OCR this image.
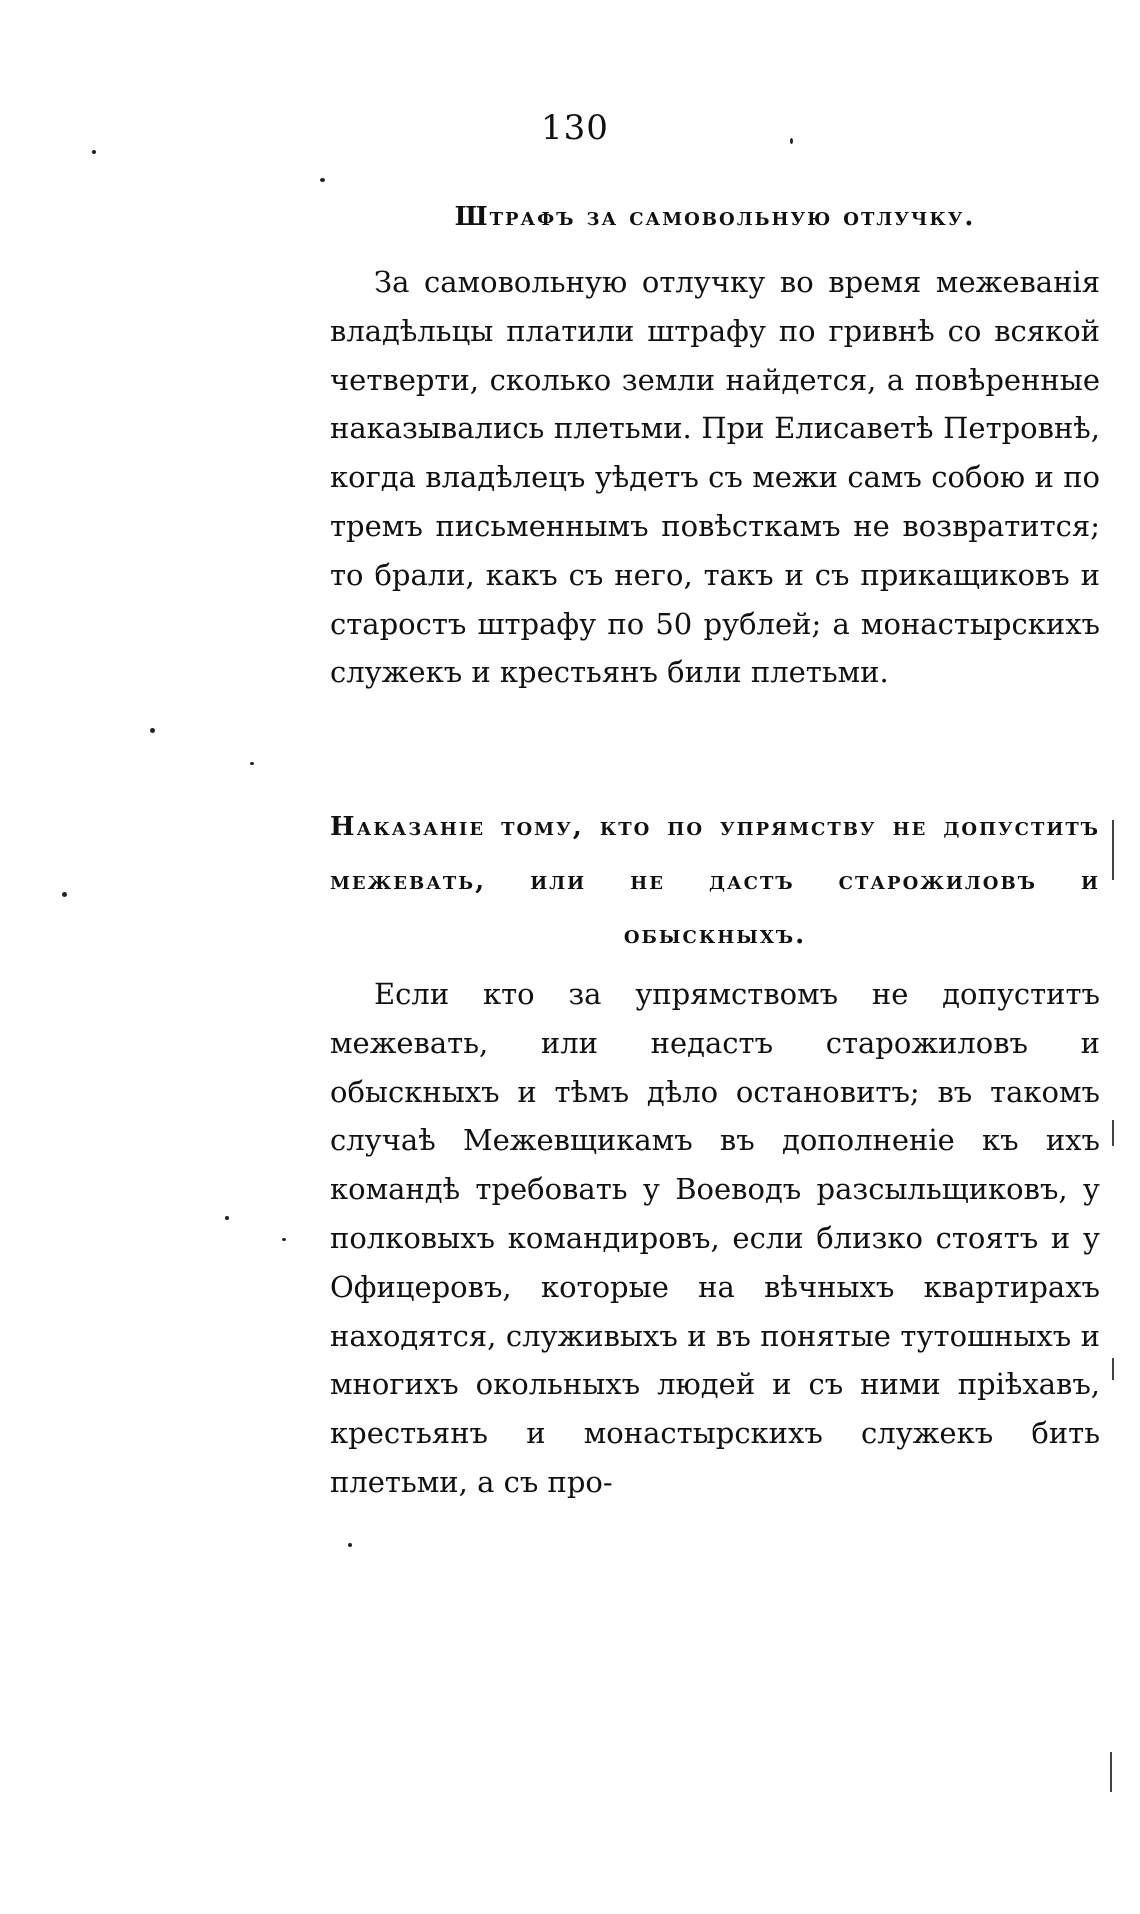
130
Штрафъ за самовольную отлучку.
За самовольную отлучку во время межеванія владѣльцы платили штрафу по гривнѣ со всякой четверти, сколько земли найдется, а повѣренные наказывались плетьми. При Елисаветѣ Петровнѣ, когда владѣлецъ уѣдетъ съ межи самъ собою и по тремъ письменнымъ повѣсткамъ не возвратится; то брали, какъ съ него, такъ и съ прикащиковъ и старостъ штрафу по 50 рублей; а монастырскихъ служекъ и крестьянъ били плетьми.
Наказаніе тому, кто по упрямству не допуститъ межевать, или не дастъ старожиловъ и обыскныхъ.
Если кто за упрямствомъ не допуститъ межевать, или недастъ старожиловъ и обыскныхъ и тѣмъ дѣло остановитъ; въ такомъ случаѣ Межевщикамъ въ дополненіе къ ихъ командѣ требовать у Воеводъ разсыльщиковъ, у полковыхъ командировъ, если близко стоятъ и у Офицеровъ, которые на вѣчныхъ квартирахъ находятся, служивыхъ и въ понятые тутошныхъ и многихъ окольныхъ людей и съ ними пріѣхавъ, крестьянъ и монастырскихъ служекъ бить плетьми, а съ про-
